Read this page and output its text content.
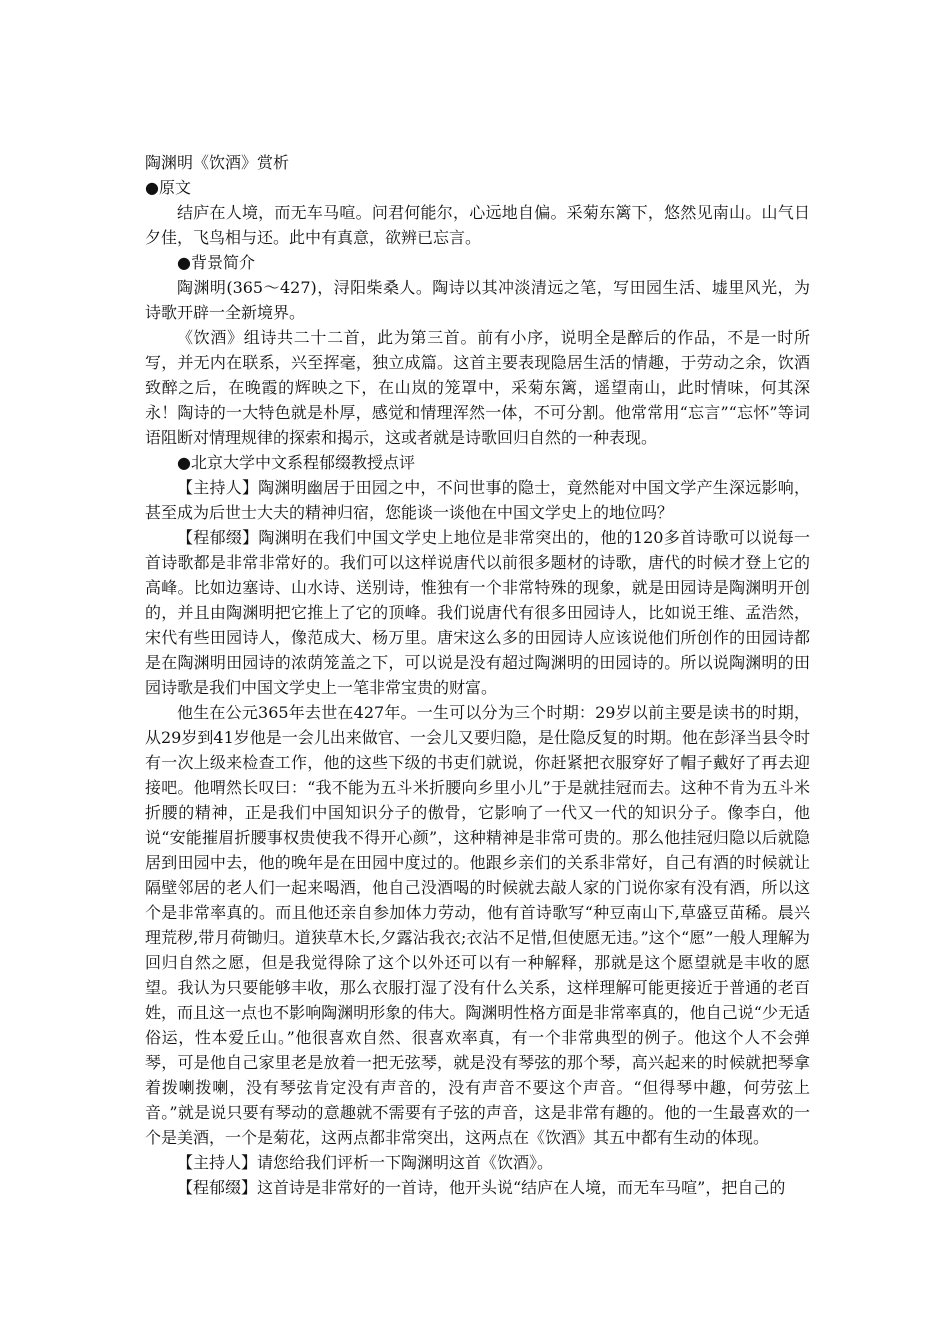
陶渊明《饮酒》赏析

●原文

结庐在人境，而无车马喧。问君何能尔，心远地自偏。采菊东篱下，悠然见南山。山气日夕佳，飞鸟相与还。此中有真意，欲辨已忘言。

●背景简介

陶渊明(365～427)，浔阳柴桑人。陶诗以其冲淡清远之笔，写田园生活、墟里风光，为诗歌开辟一全新境界。

《饮酒》组诗共二十二首，此为第三首。前有小序，说明全是醉后的作品，不是一时所写，并无内在联系，兴至挥毫，独立成篇。这首主要表现隐居生活的情趣，于劳动之余，饮酒致醉之后，在晚霞的辉映之下，在山岚的笼罩中，采菊东篱，遥望南山，此时情味，何其深永！陶诗的一大特色就是朴厚，感觉和情理浑然一体，不可分割。他常常用“忘言”“忘怀”等词语阻断对情理规律的探索和揭示，这或者就是诗歌回归自然的一种表现。

●北京大学中文系程郁缀教授点评

【主持人】陶渊明幽居于田园之中，不问世事的隐士，竟然能对中国文学产生深远影响，甚至成为后世士大夫的精神归宿，您能谈一谈他在中国文学史上的地位吗？

【程郁缀】陶渊明在我们中国文学史上地位是非常突出的，他的120多首诗歌可以说每一首诗歌都是非常非常好的。我们可以这样说唐代以前很多题材的诗歌，唐代的时候才登上它的高峰。比如边塞诗、山水诗、送别诗，惟独有一个非常特殊的现象，就是田园诗是陶渊明开创的，并且由陶渊明把它推上了它的顶峰。我们说唐代有很多田园诗人，比如说王维、孟浩然，宋代有些田园诗人，像范成大、杨万里。唐宋这么多的田园诗人应该说他们所创作的田园诗都是在陶渊明田园诗的浓荫笼盖之下，可以说是没有超过陶渊明的田园诗的。所以说陶渊明的田园诗歌是我们中国文学史上一笔非常宝贵的财富。

他生在公元365年去世在427年。一生可以分为三个时期：29岁以前主要是读书的时期，从29岁到41岁他是一会儿出来做官、一会儿又要归隐，是仕隐反复的时期。他在彭泽当县令时有一次上级来检查工作，他的这些下级的书吏们就说，你赶紧把衣服穿好了帽子戴好了再去迎接吧。他喟然长叹曰：“我不能为五斗米折腰向乡里小儿”于是就挂冠而去。这种不肯为五斗米折腰的精神，正是我们中国知识分子的傲骨，它影响了一代又一代的知识分子。像李白，他说“安能摧眉折腰事权贵使我不得开心颜”，这种精神是非常可贵的。那么他挂冠归隐以后就隐居到田园中去，他的晚年是在田园中度过的。他跟乡亲们的关系非常好，自己有酒的时候就让隔壁邻居的老人们一起来喝酒，他自己没酒喝的时候就去敲人家的门说你家有没有酒，所以这个是非常率真的。而且他还亲自参加体力劳动，他有首诗歌写“种豆南山下,草盛豆苗稀。晨兴理荒秽,带月荷锄归。道狭草木长,夕露沾我衣;衣沾不足惜,但使愿无违。”这个“愿”一般人理解为回归自然之愿，但是我觉得除了这个以外还可以有一种解释，那就是这个愿望就是丰收的愿望。我认为只要能够丰收，那么衣服打湿了没有什么关系，这样理解可能更接近于普通的老百姓，而且这一点也不影响陶渊明形象的伟大。陶渊明性格方面是非常率真的，他自己说“少无适俗运，性本爱丘山。”他很喜欢自然、很喜欢率真，有一个非常典型的例子。他这个人不会弹琴，可是他自己家里老是放着一把无弦琴，就是没有琴弦的那个琴，高兴起来的时候就把琴拿着拨喇拨喇，没有琴弦肯定没有声音的，没有声音不要这个声音。“但得琴中趣，何劳弦上音。”就是说只要有琴动的意趣就不需要有子弦的声音，这是非常有趣的。他的一生最喜欢的一个是美酒，一个是菊花，这两点都非常突出，这两点在《饮酒》其五中都有生动的体现。

【主持人】请您给我们评析一下陶渊明这首《饮酒》。

【程郁缀】这首诗是非常好的一首诗，他开头说“结庐在人境，而无车马喧”，把自己的
